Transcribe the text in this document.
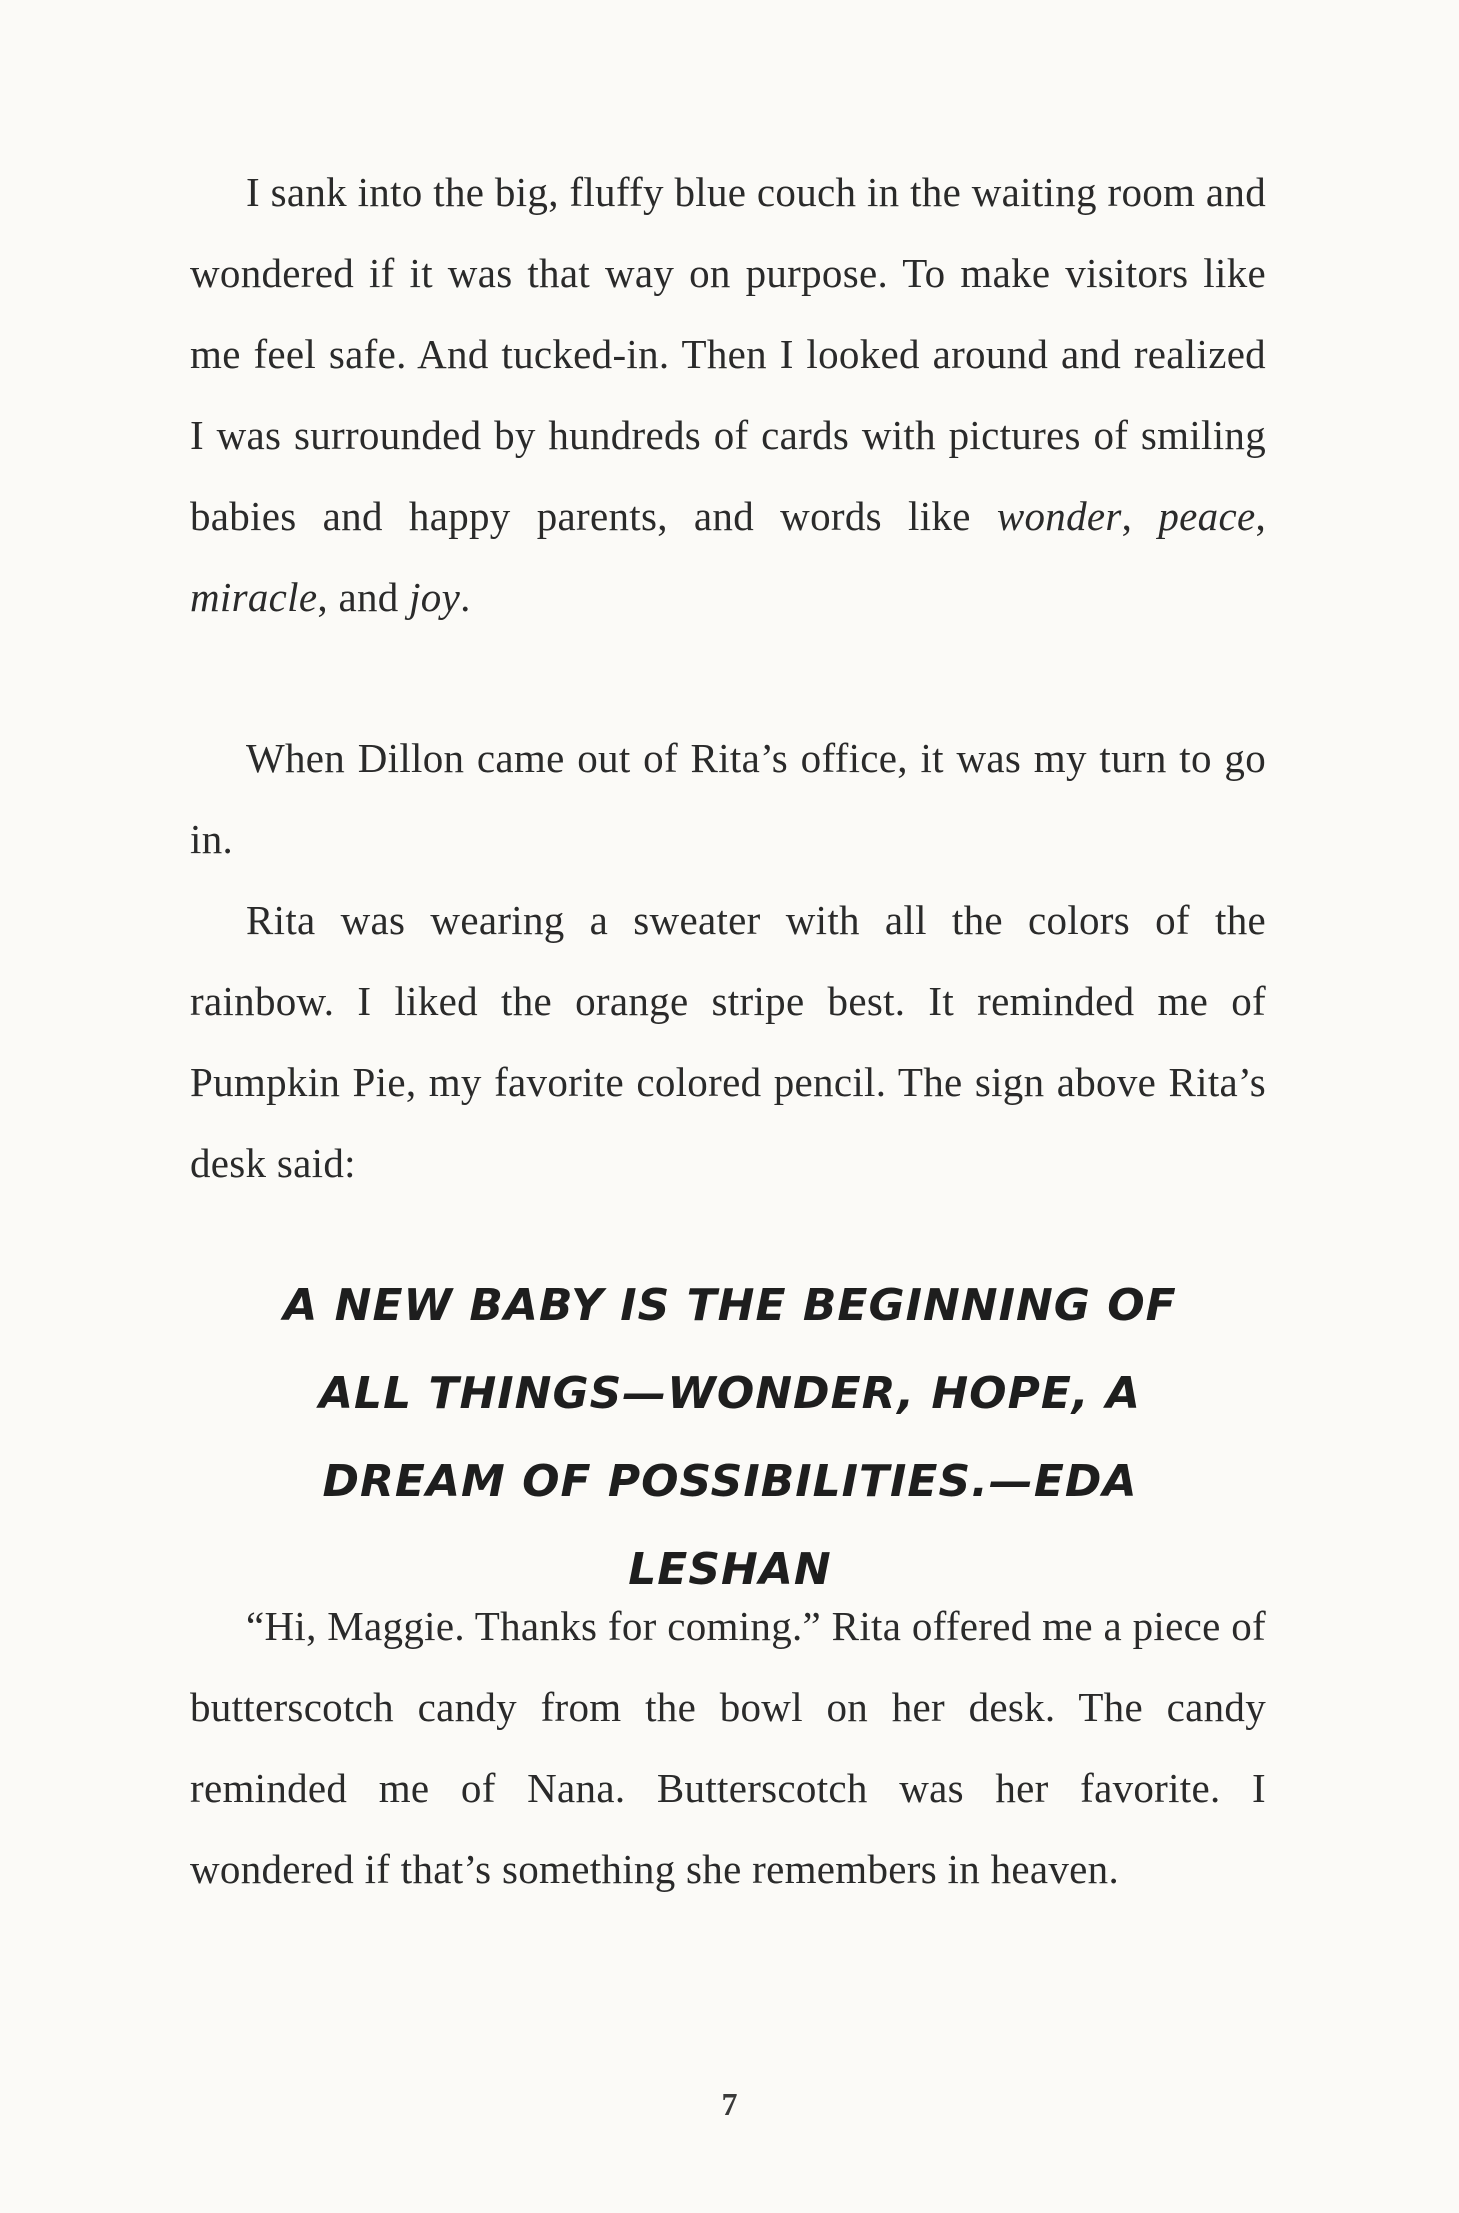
I sank into the big, fluffy blue couch in the waiting room and wondered if it was that way on purpose. To make visitors like me feel safe. And tucked-in. Then I looked around and realized I was surrounded by hundreds of cards with pictures of smiling babies and happy parents, and words like wonder, peace, miracle, and joy.

When Dillon came out of Rita’s office, it was my turn to go in.

Rita was wearing a sweater with all the colors of the rainbow. I liked the orange stripe best. It reminded me of Pumpkin Pie, my favorite colored pencil. The sign above Rita’s desk said:

A NEW BABY IS THE BEGINNING OF ALL THINGS—WONDER, HOPE, A DREAM OF POSSIBILITIES.—EDA LESHAN

“Hi, Maggie. Thanks for coming.” Rita offered me a piece of butterscotch candy from the bowl on her desk. The candy reminded me of Nana. Butterscotch was her favorite. I wondered if that’s something she remembers in heaven.

7
